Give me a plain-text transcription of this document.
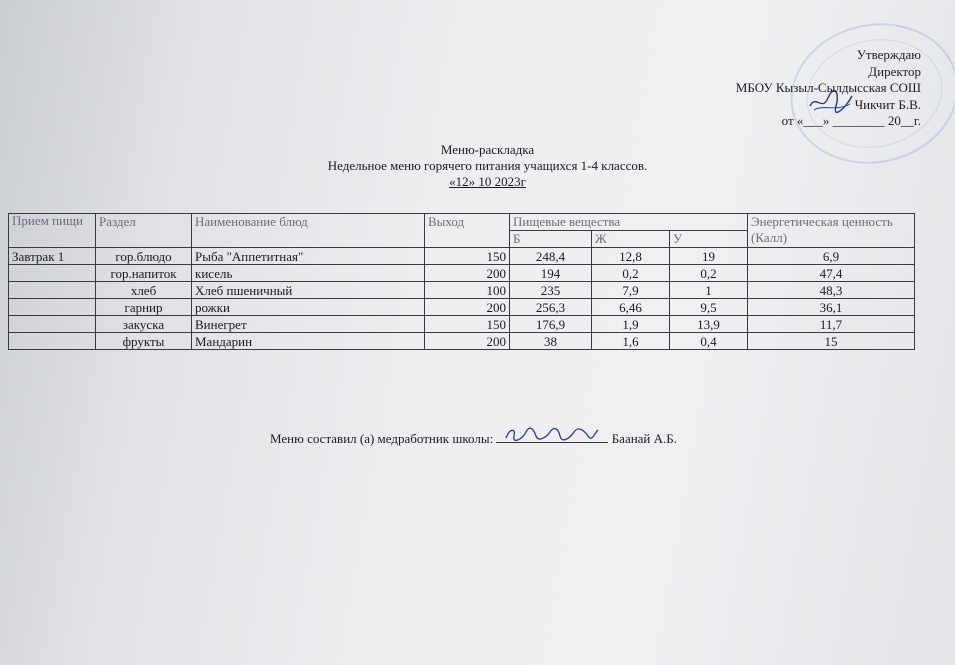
Утверждаю
Директор
МБОУ Кызыл-Сылдысская СОШ
Чикчит Б.В.
от «___» ________ 20__г.
Меню-раскладка
Недельное меню горячего питания учащихся 1-4 классов.
«12» 10 2023г
Прием пищи	Раздел	Наименование блюд	Выход	Пищевые вещества			Энергетическая ценность (Калл)
				Б	Ж	У	
Завтрак 1	гор.блюдо	Рыба "Аппетитная"	150	248,4	12,8	19	6,9
	гор.напиток	кисель	200	194	0,2	0,2	47,4
	хлеб	Хлеб пшеничный	100	235	7,9	1	48,3
	гарнир	рожки	200	256,3	6,46	9,5	36,1
	закуска	Винегрет	150	176,9	1,9	13,9	11,7
	фрукты	Мандарин	200	38	1,6	0,4	15
Меню составил (а) медработник школы:	Баанай А.Б.
